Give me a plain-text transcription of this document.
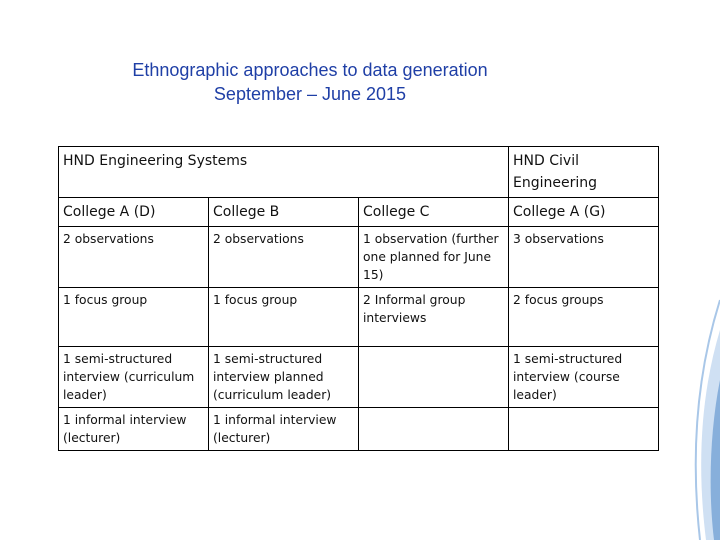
Ethnographic approaches to data generation
September – June 2015
HND Engineering Systems			HND Civil Engineering
College A (D)	College B	College C	College A (G)
2 observations	2 observations	1 observation (further one planned for June 15)	3 observations
1 focus group	1 focus group	2 Informal group interviews	2 focus groups
1 semi-structured interview (curriculum leader)	1 semi-structured interview planned (curriculum leader)		1 semi-structured interview (course leader)
1 informal interview (lecturer)	1 informal interview (lecturer)		
